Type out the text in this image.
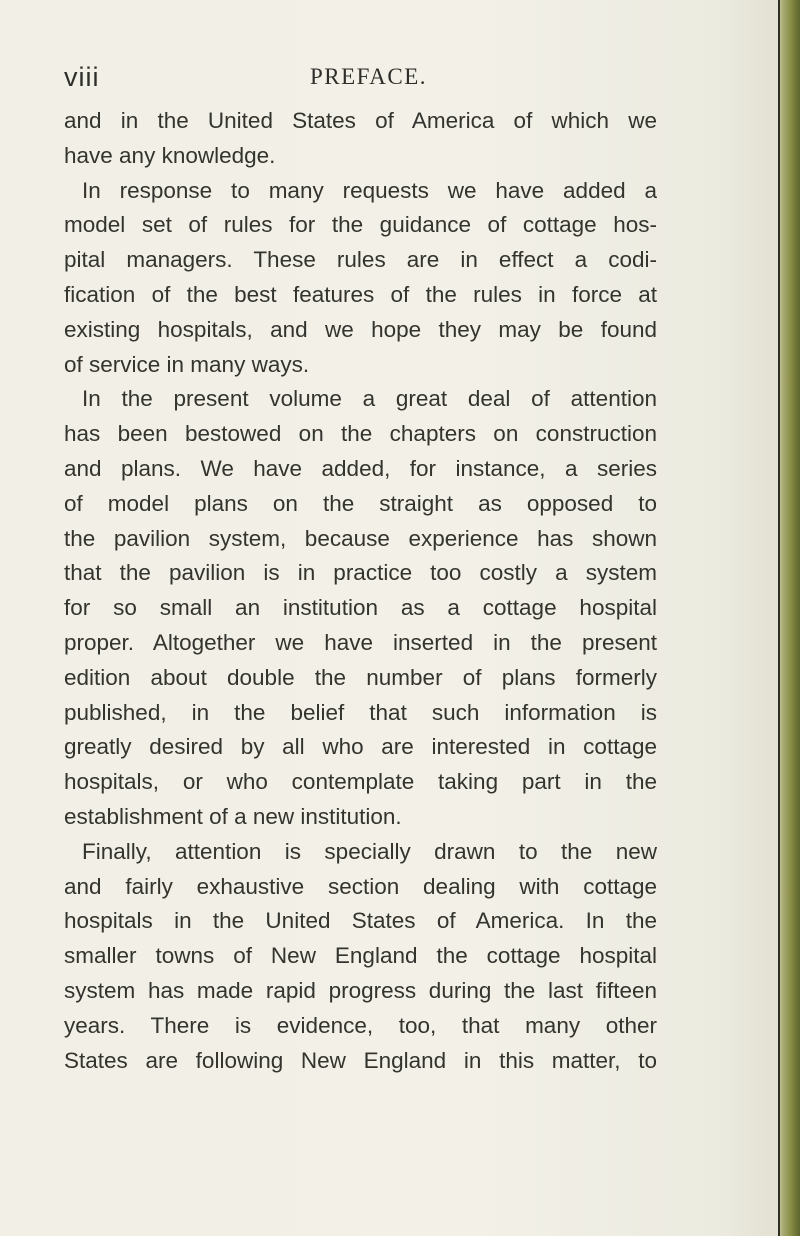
viii	PREFACE.
and in the United States of America of which we
have any knowledge.
In response to many requests we have added a
model set of rules for the guidance of cottage hos-
pital managers. These rules are in effect a codi-
fication of the best features of the rules in force at
existing hospitals, and we hope they may be found
of service in many ways.
In the present volume a great deal of attention
has been bestowed on the chapters on construction
and plans. We have added, for instance, a series
of model plans on the straight as opposed to
the pavilion system, because experience has shown
that the pavilion is in practice too costly a system
for so small an institution as a cottage hospital
proper. Altogether we have inserted in the present
edition about double the number of plans formerly
published, in the belief that such information is
greatly desired by all who are interested in cottage
hospitals, or who contemplate taking part in the
establishment of a new institution.
Finally, attention is specially drawn to the new
and fairly exhaustive section dealing with cottage
hospitals in the United States of America. In the
smaller towns of New England the cottage hospital
system has made rapid progress during the last fifteen
years. There is evidence, too, that many other
States are following New England in this matter, to
